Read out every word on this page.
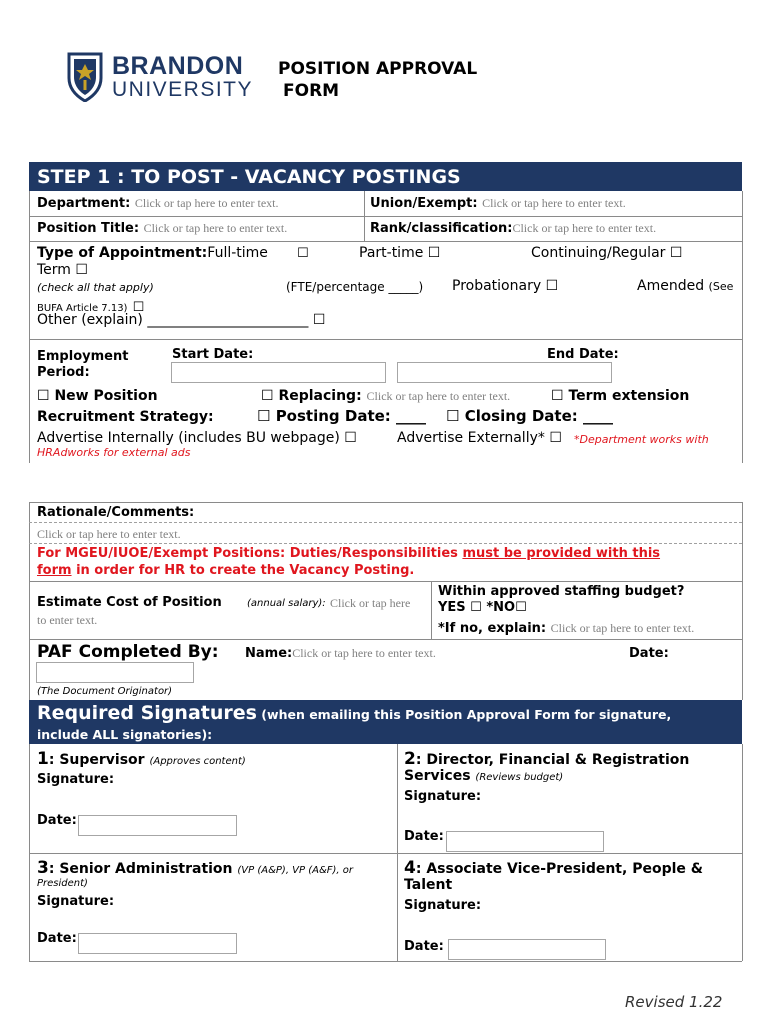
BRANDON
UNIVERSITY
POSITION APPROVAL
FORM
STEP 1 : TO POST - VACANCY POSTINGS
Department: Click or tap here to enter text.	Union/Exempt: Click or tap here to enter text.
Position Title: Click or tap here to enter text.	Rank/classification:Click or tap here to enter text.
Type of Appointment:Full-time ☐	Part-time ☐	Continuing/Regular ☐
Term ☐
(check all that apply)	(FTE/percentage _____) Probationary ☐	Amended (See
BUFA Article 7.13) ☐
Other (explain) _______________________ ☐
Employment
Period:
Start Date:	End Date:
☐ New Position	☐ Replacing: Click or tap here to enter text.	☐ Term extension
Recruitment Strategy:	☐ Posting Date: ____ ☐ Closing Date: ____
Advertise Internally (includes BU webpage) ☐	Advertise Externally* ☐ *Department works with
HRAdworks for external ads
Rationale/Comments:
Click or tap here to enter text.
For MGEU/IUOE/Exempt Positions: Duties/Responsibilities must be provided with this
form in order for HR to create the Vacancy Posting.
Estimate Cost of Position	(annual salary): Click or tap here
to enter text.
Within approved staffing budget?
YES ☐ *NO☐
*If no, explain: Click or tap here to enter text.
PAF Completed By: Name:Click or tap here to enter text.	Date:
(The Document Originator)
Required Signatures (when emailing this Position Approval Form for signature,
include ALL signatories):
1: Supervisor (Approves content)
Signature:
Date:
2: Director, Financial & Registration
Services (Reviews budget)
Signature:
Date:
3: Senior Administration (VP (A&P), VP (A&F), or
President)
Signature:
Date:
4: Associate Vice-President, People &
Talent
Signature:
Date:
Revised 1.22
